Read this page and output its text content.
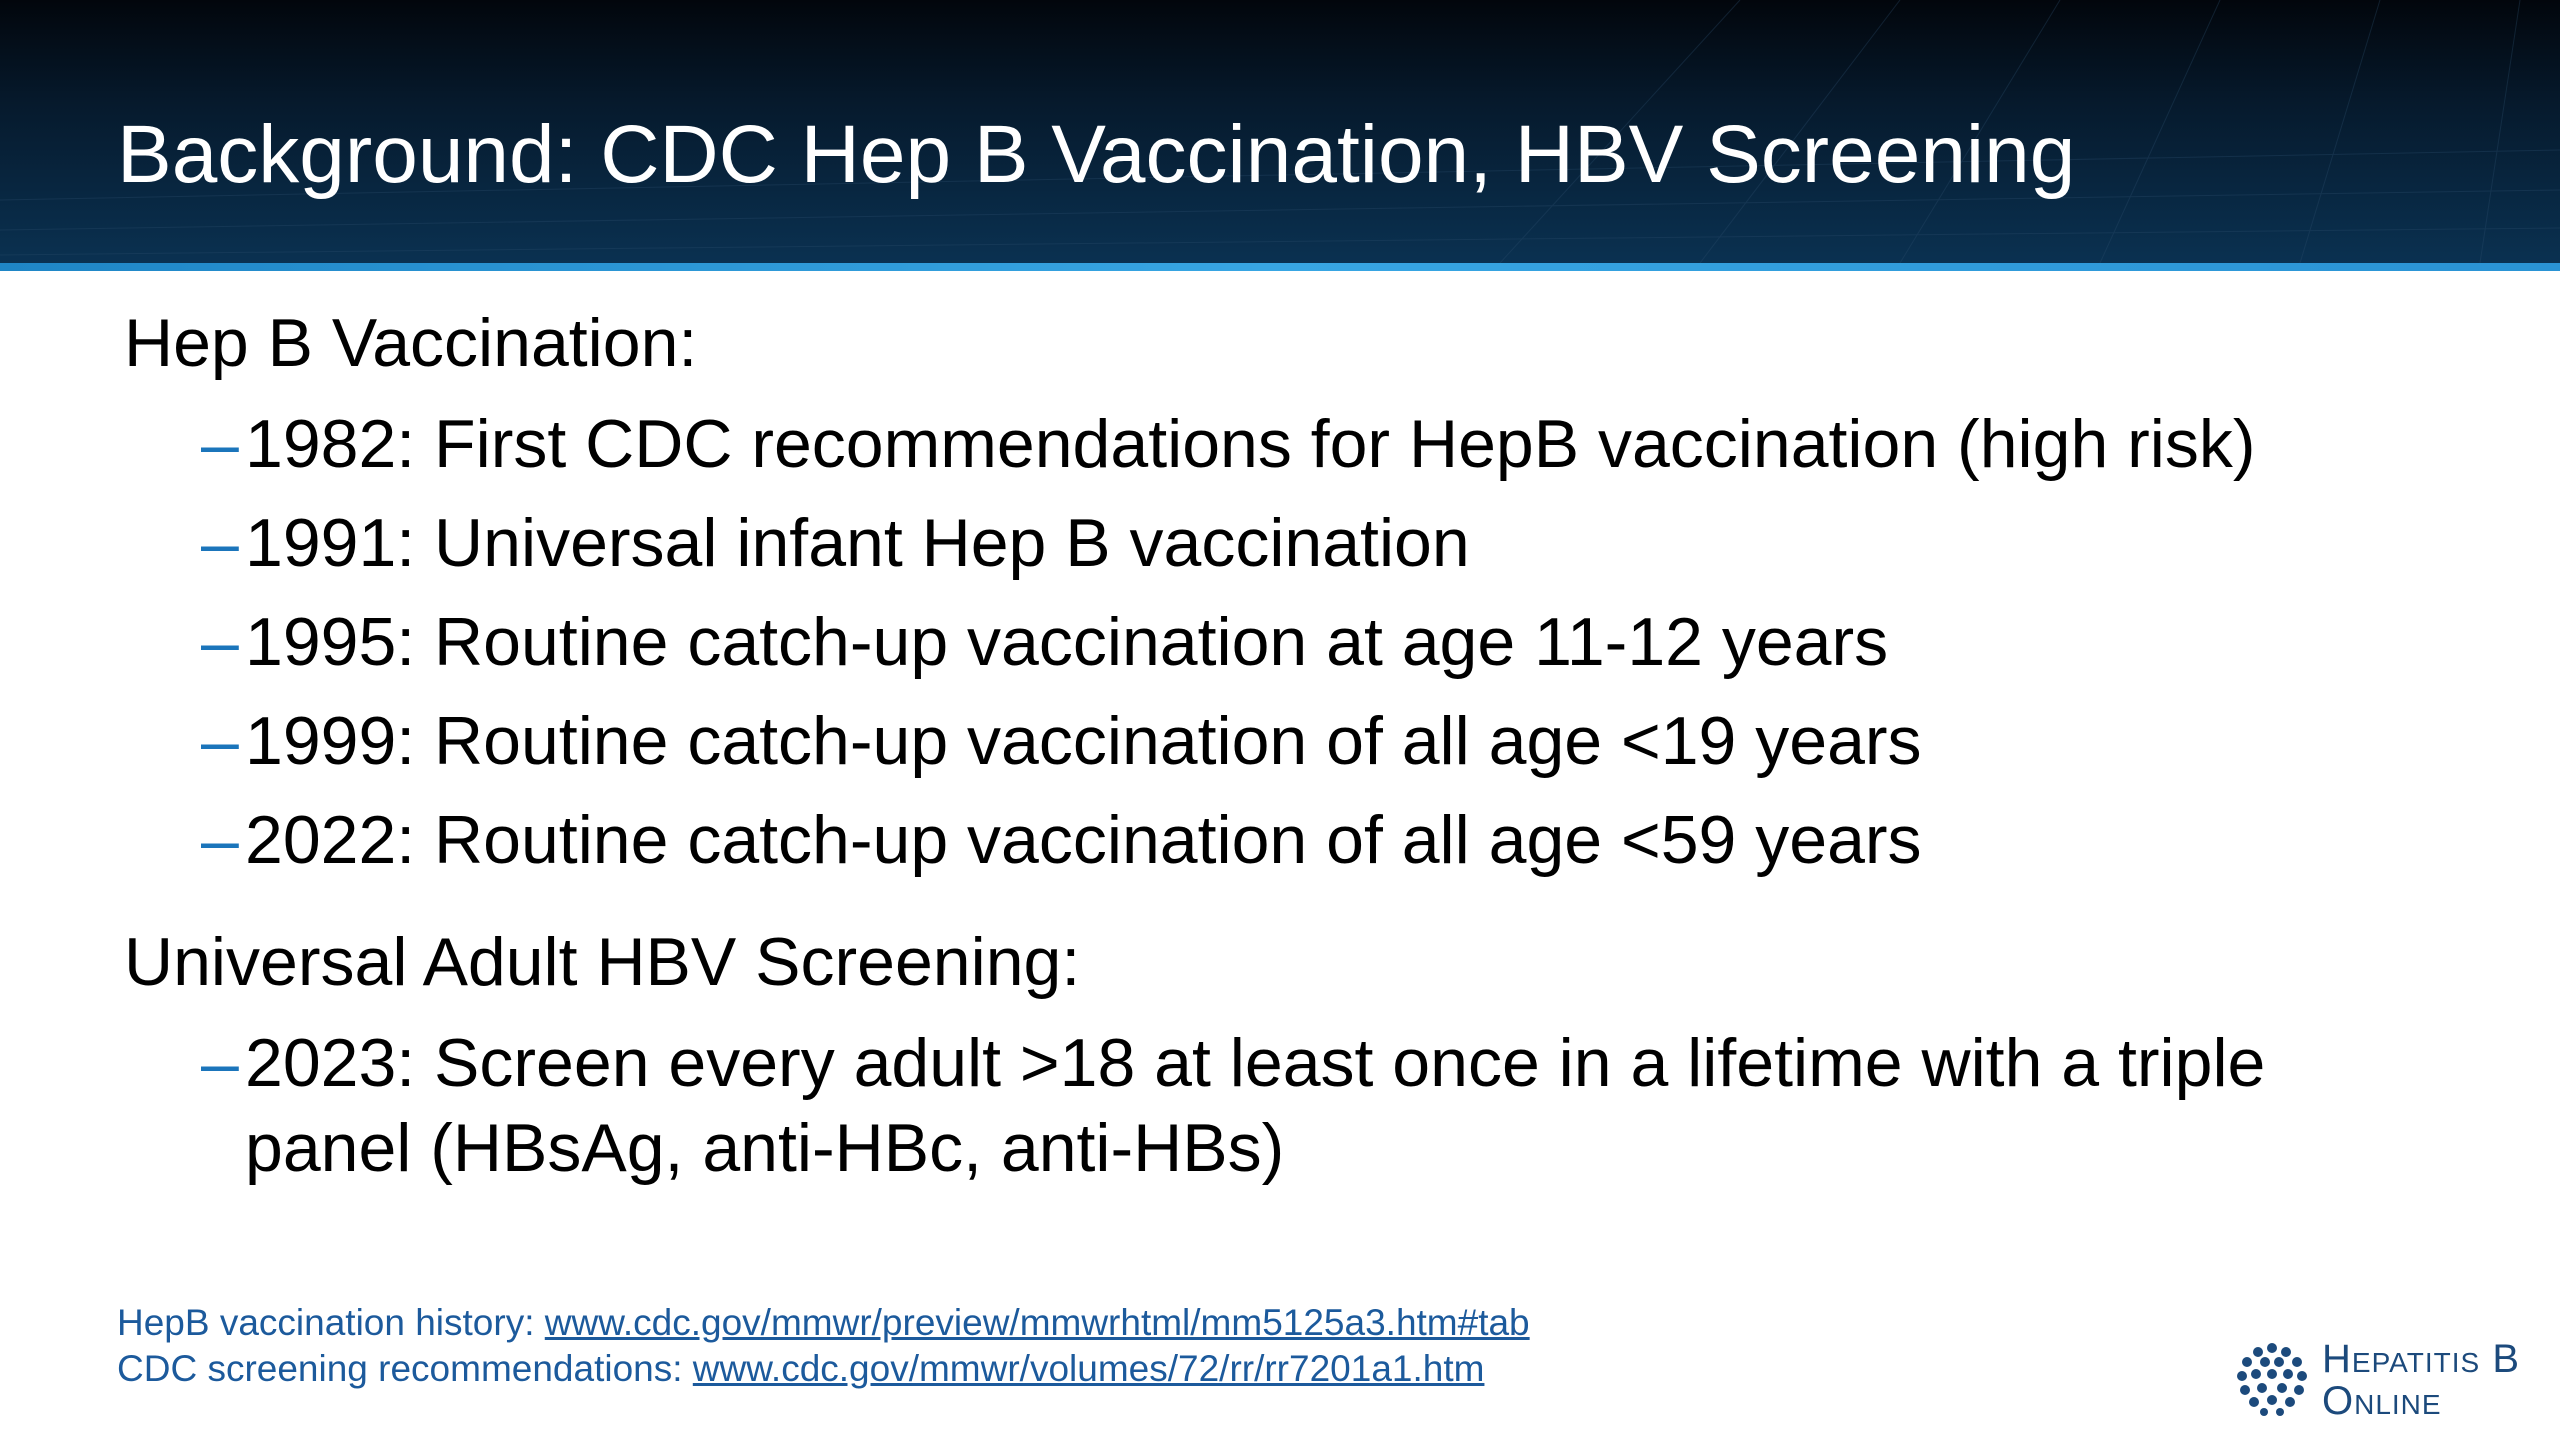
Background: CDC Hep B Vaccination, HBV Screening
Hep B Vaccination:
– 1982: First CDC recommendations for HepB vaccination (high risk)
– 1991: Universal infant Hep B vaccination
– 1995: Routine catch-up vaccination at age 11-12 years
– 1999: Routine catch-up vaccination of all age <19 years
– 2022: Routine catch-up vaccination of all age <59 years
Universal Adult HBV Screening:
– 2023: Screen every adult >18 at least once in a lifetime with a triple panel (HBsAg, anti-HBc, anti-HBs)
HepB vaccination history: www.cdc.gov/mmwr/preview/mmwrhtml/mm5125a3.htm#tab
CDC screening recommendations: www.cdc.gov/mmwr/volumes/72/rr/rr7201a1.htm	Hepatitis B
Online
